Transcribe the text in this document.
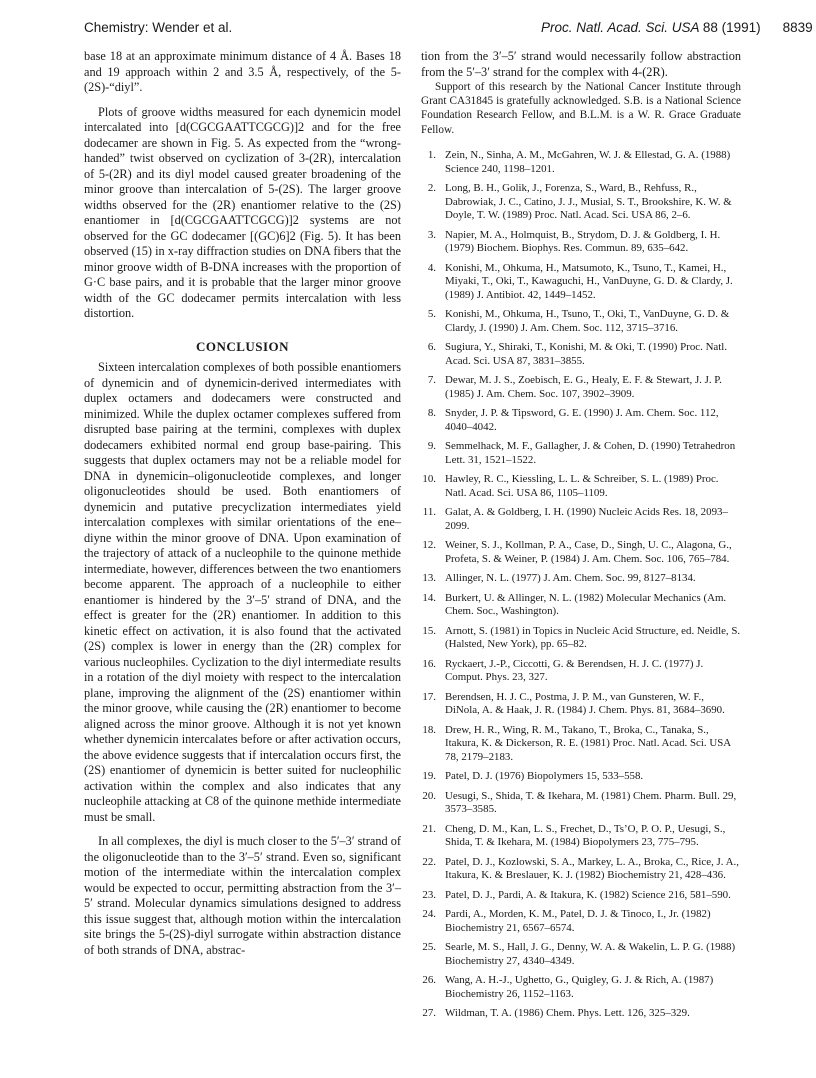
Chemistry: Wender et al.	Proc. Natl. Acad. Sci. USA 88 (1991) 8839

base 18 at an approximate minimum distance of 4 Å. Bases 18 and 19 approach within 2 and 3.5 Å, respectively, of the 5-(2S)-“diyl”.

Plots of groove widths measured for each dynemicin model intercalated into [d(CGCGAATTCGCG)]2 and for the free dodecamer are shown in Fig. 5. As expected from the “wrong-handed” twist observed on cyclization of 3-(2R), intercalation of 5-(2R) and its diyl model caused greater broadening of the minor groove than intercalation of 5-(2S). The larger groove widths observed for the (2R) enantiomer relative to the (2S) enantiomer in [d(CGCGAATTCGCG)]2 systems are not observed for the GC dodecamer [(GC)6]2 (Fig. 5). It has been observed (15) in x-ray diffraction studies on DNA fibers that the minor groove width of B-DNA increases with the proportion of G·C base pairs, and it is probable that the larger minor groove width of the GC dodecamer permits intercalation with less distortion.

CONCLUSION

Sixteen intercalation complexes of both possible enantiomers of dynemicin and of dynemicin-derived intermediates with duplex octamers and dodecamers were constructed and minimized. While the duplex octamer complexes suffered from disrupted base pairing at the termini, complexes with duplex dodecamers exhibited normal end group base-pairing. This suggests that duplex octamers may not be a reliable model for DNA in dynemicin–oligonucleotide complexes, and longer oligonucleotides should be used. Both enantiomers of dynemicin and putative precyclization intermediates yield intercalation complexes with similar orientations of the ene–diyne within the minor groove of DNA. Upon examination of the trajectory of attack of a nucleophile to the quinone methide intermediate, however, differences between the two enantiomers become apparent. The approach of a nucleophile to either enantiomer is hindered by the 3′–5′ strand of DNA, and the effect is greater for the (2R) enantiomer. In addition to this kinetic effect on activation, it is also found that the activated (2S) complex is lower in energy than the (2R) complex for various nucleophiles. Cyclization to the diyl intermediate results in a rotation of the diyl moiety with respect to the intercalation plane, improving the alignment of the (2S) enantiomer within the minor groove, while causing the (2R) enantiomer to become aligned across the minor groove. Although it is not yet known whether dynemicin intercalates before or after activation occurs, the above evidence suggests that if intercalation occurs first, the (2S) enantiomer of dynemicin is better suited for nucleophilic activation within the complex and also indicates that any nucleophile attacking at C8 of the quinone methide intermediate must be small.

In all complexes, the diyl is much closer to the 5′–3′ strand of the oligonucleotide than to the 3′–5′ strand. Even so, significant motion of the intermediate within the intercalation complex would be expected to occur, permitting abstraction from the 3′–5′ strand. Molecular dynamics simulations designed to address this issue suggest that, although motion within the intercalation site brings the 5-(2S)-diyl surrogate within abstraction distance of both strands of DNA, abstrac-

tion from the 3′–5′ strand would necessarily follow abstraction from the 5′–3′ strand for the complex with 4-(2R).

Support of this research by the National Cancer Institute through Grant CA31845 is gratefully acknowledged. S.B. is a National Science Foundation Research Fellow, and B.L.M. is a W. R. Grace Graduate Fellow.

1. Zein, N., Sinha, A. M., McGahren, W. J. & Ellestad, G. A. (1988) Science 240, 1198–1201.
2. Long, B. H., Golik, J., Forenza, S., Ward, B., Rehfuss, R., Dabrowiak, J. C., Catino, J. J., Musial, S. T., Brookshire, K. W. & Doyle, T. W. (1989) Proc. Natl. Acad. Sci. USA 86, 2–6.
3. Napier, M. A., Holmquist, B., Strydom, D. J. & Goldberg, I. H. (1979) Biochem. Biophys. Res. Commun. 89, 635–642.
4. Konishi, M., Ohkuma, H., Matsumoto, K., Tsuno, T., Kamei, H., Miyaki, T., Oki, T., Kawaguchi, H., VanDuyne, G. D. & Clardy, J. (1989) J. Antibiot. 42, 1449–1452.
5. Konishi, M., Ohkuma, H., Tsuno, T., Oki, T., VanDuyne, G. D. & Clardy, J. (1990) J. Am. Chem. Soc. 112, 3715–3716.
6. Sugiura, Y., Shiraki, T., Konishi, M. & Oki, T. (1990) Proc. Natl. Acad. Sci. USA 87, 3831–3855.
7. Dewar, M. J. S., Zoebisch, E. G., Healy, E. F. & Stewart, J. J. P. (1985) J. Am. Chem. Soc. 107, 3902–3909.
8. Snyder, J. P. & Tipsword, G. E. (1990) J. Am. Chem. Soc. 112, 4040–4042.
9. Semmelhack, M. F., Gallagher, J. & Cohen, D. (1990) Tetrahedron Lett. 31, 1521–1522.
10. Hawley, R. C., Kiessling, L. L. & Schreiber, S. L. (1989) Proc. Natl. Acad. Sci. USA 86, 1105–1109.
11. Galat, A. & Goldberg, I. H. (1990) Nucleic Acids Res. 18, 2093–2099.
12. Weiner, S. J., Kollman, P. A., Case, D., Singh, U. C., Alagona, G., Profeta, S. & Weiner, P. (1984) J. Am. Chem. Soc. 106, 765–784.
13. Allinger, N. L. (1977) J. Am. Chem. Soc. 99, 8127–8134.
14. Burkert, U. & Allinger, N. L. (1982) Molecular Mechanics (Am. Chem. Soc., Washington).
15. Arnott, S. (1981) in Topics in Nucleic Acid Structure, ed. Neidle, S. (Halsted, New York), pp. 65–82.
16. Ryckaert, J.-P., Ciccotti, G. & Berendsen, H. J. C. (1977) J. Comput. Phys. 23, 327.
17. Berendsen, H. J. C., Postma, J. P. M., van Gunsteren, W. F., DiNola, A. & Haak, J. R. (1984) J. Chem. Phys. 81, 3684–3690.
18. Drew, H. R., Wing, R. M., Takano, T., Broka, C., Tanaka, S., Itakura, K. & Dickerson, R. E. (1981) Proc. Natl. Acad. Sci. USA 78, 2179–2183.
19. Patel, D. J. (1976) Biopolymers 15, 533–558.
20. Uesugi, S., Shida, T. & Ikehara, M. (1981) Chem. Pharm. Bull. 29, 3573–3585.
21. Cheng, D. M., Kan, L. S., Frechet, D., Ts’O, P. O. P., Uesugi, S., Shida, T. & Ikehara, M. (1984) Biopolymers 23, 775–795.
22. Patel, D. J., Kozlowski, S. A., Markey, L. A., Broka, C., Rice, J. A., Itakura, K. & Breslauer, K. J. (1982) Biochemistry 21, 428–436.
23. Patel, D. J., Pardi, A. & Itakura, K. (1982) Science 216, 581–590.
24. Pardi, A., Morden, K. M., Patel, D. J. & Tinoco, I., Jr. (1982) Biochemistry 21, 6567–6574.
25. Searle, M. S., Hall, J. G., Denny, W. A. & Wakelin, L. P. G. (1988) Biochemistry 27, 4340–4349.
26. Wang, A. H.-J., Ughetto, G., Quigley, G. J. & Rich, A. (1987) Biochemistry 26, 1152–1163.
27. Wildman, T. A. (1986) Chem. Phys. Lett. 126, 325–329.
